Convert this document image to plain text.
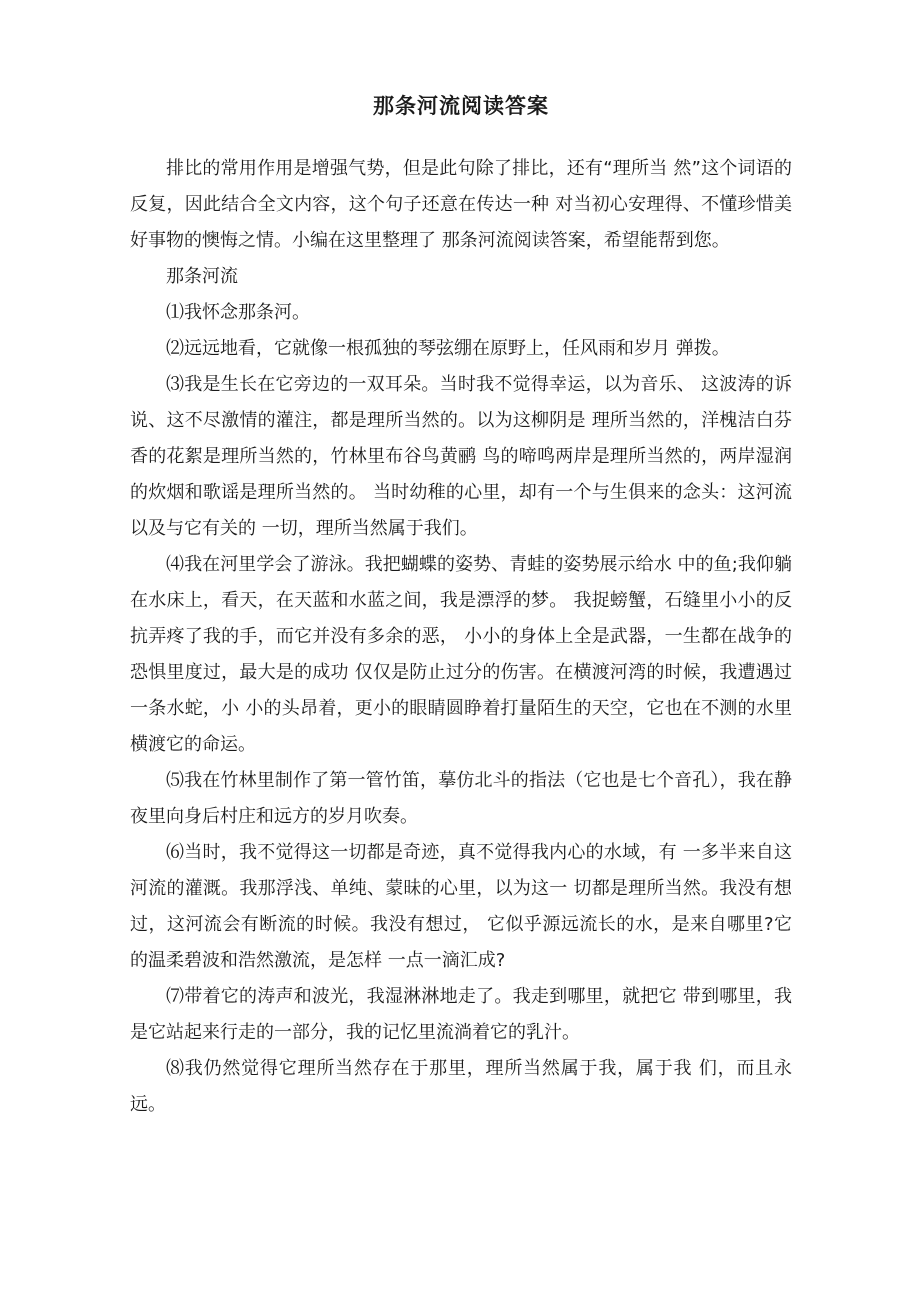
那条河流阅读答案

排比的常用作用是增强气势，但是此句除了排比，还有“理所当 然”这个词语的反复，因此结合全文内容，这个句子还意在传达一种 对当初心安理得、不懂珍惜美好事物的懊悔之情。小编在这里整理了 那条河流阅读答案，希望能帮到您。

那条河流

⑴我怀念那条河。

⑵远远地看，它就像一根孤独的琴弦绷在原野上，任风雨和岁月 弹拨。

⑶我是生长在它旁边的一双耳朵。当时我不觉得幸运，以为音乐、 这波涛的诉说、这不尽激情的灌注，都是理所当然的。以为这柳阴是 理所当然的，洋槐洁白芬香的花絮是理所当然的，竹林里布谷鸟黄鹂 鸟的啼鸣两岸是理所当然的，两岸湿润的炊烟和歌谣是理所当然的。 当时幼稚的心里，却有一个与生俱来的念头：这河流以及与它有关的 一切，理所当然属于我们。

⑷我在河里学会了游泳。我把蝴蝶的姿势、青蛙的姿势展示给水 中的鱼;我仰躺在水床上，看天，在天蓝和水蓝之间，我是漂浮的梦。 我捉螃蟹，石缝里小小的反抗弄疼了我的手，而它并没有多余的恶， 小小的身体上全是武器，一生都在战争的恐惧里度过，最大是的成功 仅仅是防止过分的伤害。在横渡河湾的时候，我遭遇过一条水蛇，小 小的头昂着，更小的眼睛圆睁着打量陌生的天空，它也在不测的水里 横渡它的命运。

⑸我在竹林里制作了第一管竹笛，摹仿北斗的指法（它也是七个音孔），我在静夜里向身后村庄和远方的岁月吹奏。

⑹当时，我不觉得这一切都是奇迹，真不觉得我内心的水域，有 一多半来自这河流的灌溉。我那浮浅、单纯、蒙昧的心里，以为这一 切都是理所当然。我没有想过，这河流会有断流的时候。我没有想过， 它似乎源远流长的水，是来自哪里?它的温柔碧波和浩然激流，是怎样 一点一滴汇成?

⑺带着它的涛声和波光，我湿淋淋地走了。我走到哪里，就把它 带到哪里，我是它站起来行走的一部分，我的记忆里流淌着它的乳汁。

⑻我仍然觉得它理所当然存在于那里，理所当然属于我，属于我 们，而且永远。
